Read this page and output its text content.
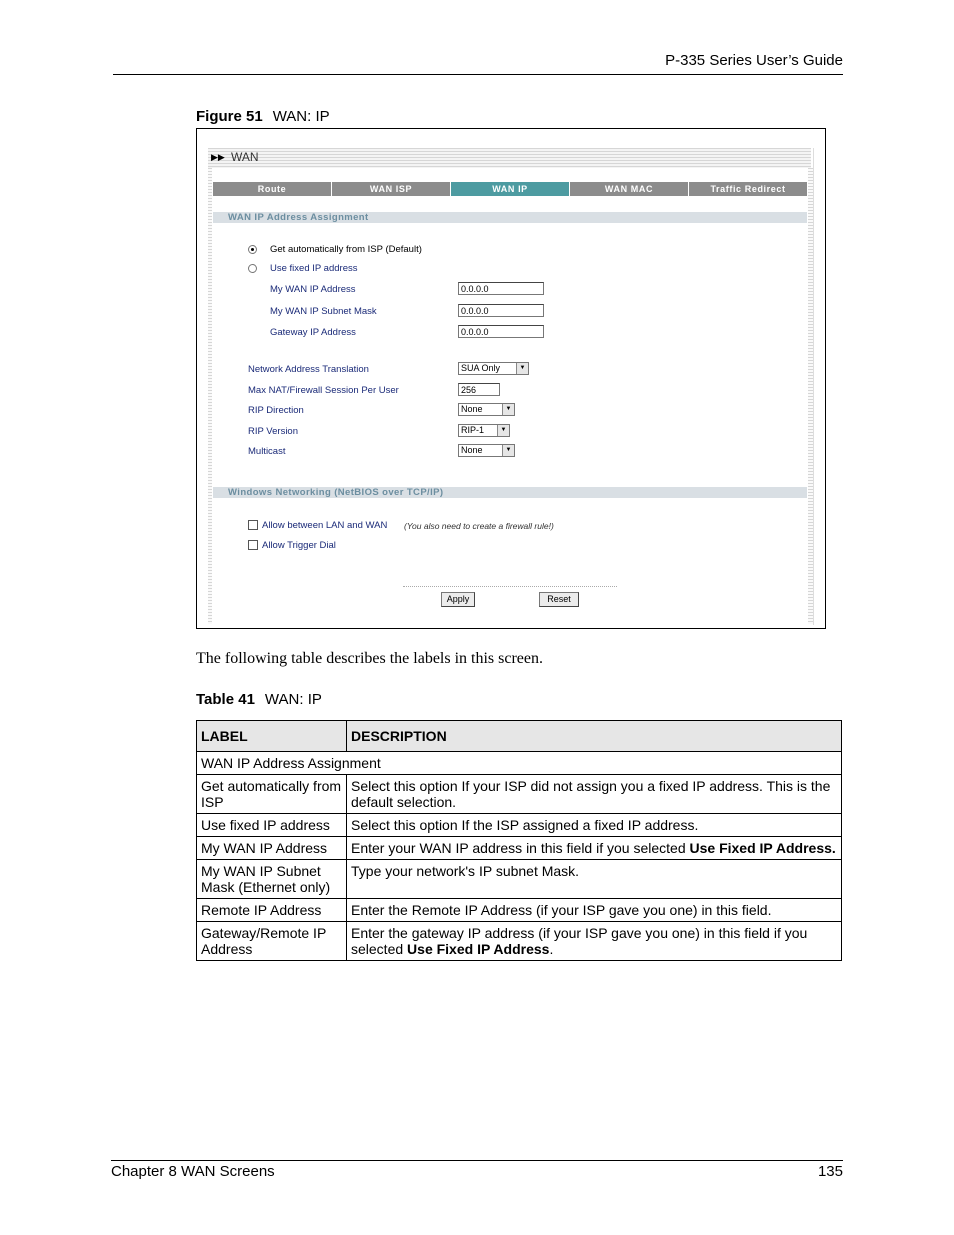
P-335 Series User’s Guide
Figure 51 WAN: IP
▶▶ WAN
Route	WAN ISP	WAN IP	WAN MAC	Traffic Redirect
WAN IP Address Assignment
Get automatically from ISP (Default)
Use fixed IP address
My WAN IP Address	0.0.0.0
My WAN IP Subnet Mask	0.0.0.0
Gateway IP Address	0.0.0.0
Network Address Translation	SUA Only	▼
Max NAT/Firewall Session Per User	256
RIP Direction	None	▼
RIP Version	RIP-1	▼
Multicast	None	▼
Windows Networking (NetBIOS over TCP/IP)
Allow between LAN and WAN (You also need to create a firewall rule!)
Allow Trigger Dial
Apply	Reset
The following table describes the labels in this screen.
Table 41 WAN: IP
LABEL	DESCRIPTION
WAN IP Address Assignment	
Get automatically from ISP	Select this option If your ISP did not assign you a fixed IP address. This is the default selection.
Use fixed IP address	Select this option If the ISP assigned a fixed IP address.
My WAN IP Address	Enter your WAN IP address in this field if you selected Use Fixed IP Address.
My WAN IP Subnet Mask (Ethernet only)	Type your network's IP subnet Mask.
Remote IP Address	Enter the Remote IP Address (if your ISP gave you one) in this field.
Gateway/Remote IP Address	Enter the gateway IP address (if your ISP gave you one) in this field if you selected Use Fixed IP Address.
Chapter 8 WAN Screens	135
